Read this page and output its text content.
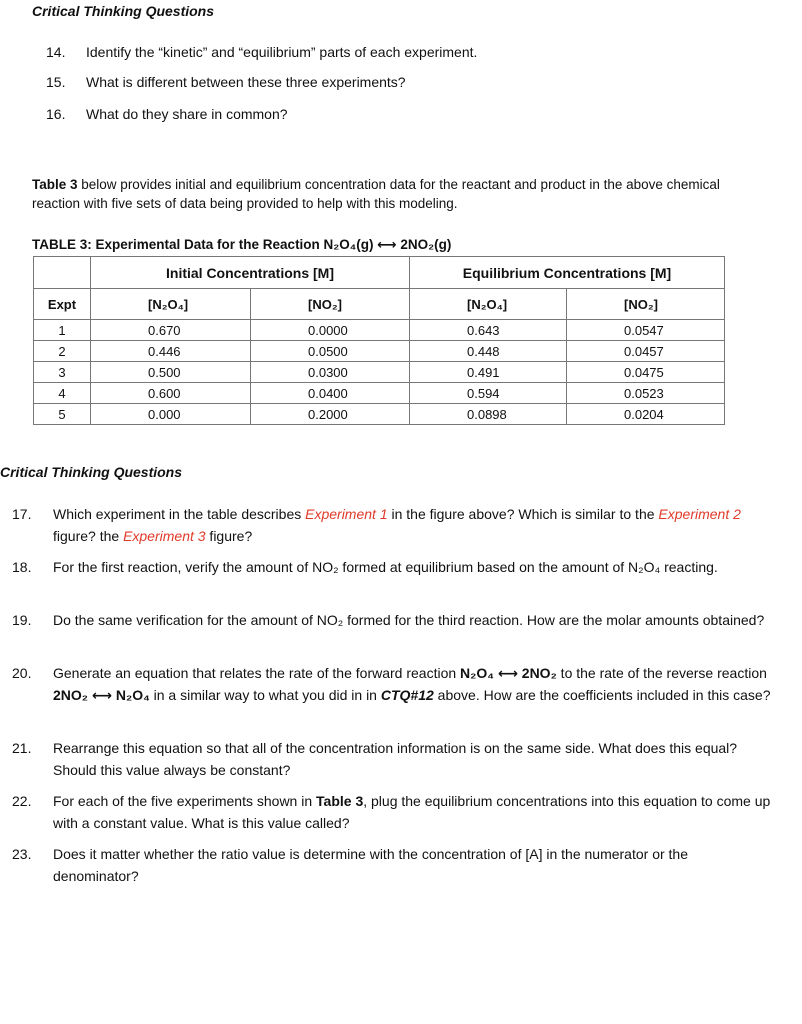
Critical Thinking Questions
14. Identify the “kinetic” and “equilibrium” parts of each experiment.
15. What is different between these three experiments?
16. What do they share in common?
Table 3 below provides initial and equilibrium concentration data for the reactant and product in the above chemical reaction with five sets of data being provided to help with this modeling.
TABLE 3: Experimental Data for the Reaction N₂O₄(g) ⟷ 2NO₂(g)
	Initial Concentrations [M]		Equilibrium Concentrations [M]	
Expt	[N₂O₄]	[NO₂]	[N₂O₄]	[NO₂]
1	0.670	0.0000	0.643	0.0547
2	0.446	0.0500	0.448	0.0457
3	0.500	0.0300	0.491	0.0475
4	0.600	0.0400	0.594	0.0523
5	0.000	0.2000	0.0898	0.0204
Critical Thinking Questions
17. Which experiment in the table describes Experiment 1 in the figure above? Which is similar to the Experiment 2 figure? the Experiment 3 figure?
18. For the first reaction, verify the amount of NO₂ formed at equilibrium based on the amount of N₂O₄ reacting.
19. Do the same verification for the amount of NO₂ formed for the third reaction. How are the molar amounts obtained?
20. Generate an equation that relates the rate of the forward reaction N₂O₄ ⟷ 2NO₂ to the rate of the reverse reaction 2NO₂ ⟷ N₂O₄ in a similar way to what you did in in CTQ#12 above. How are the coefficients included in this case?
21. Rearrange this equation so that all of the concentration information is on the same side. What does this equal? Should this value always be constant?
22. For each of the five experiments shown in Table 3, plug the equilibrium concentrations into this equation to come up with a constant value. What is this value called?
23. Does it matter whether the ratio value is determine with the concentration of [A] in the numerator or the denominator?
